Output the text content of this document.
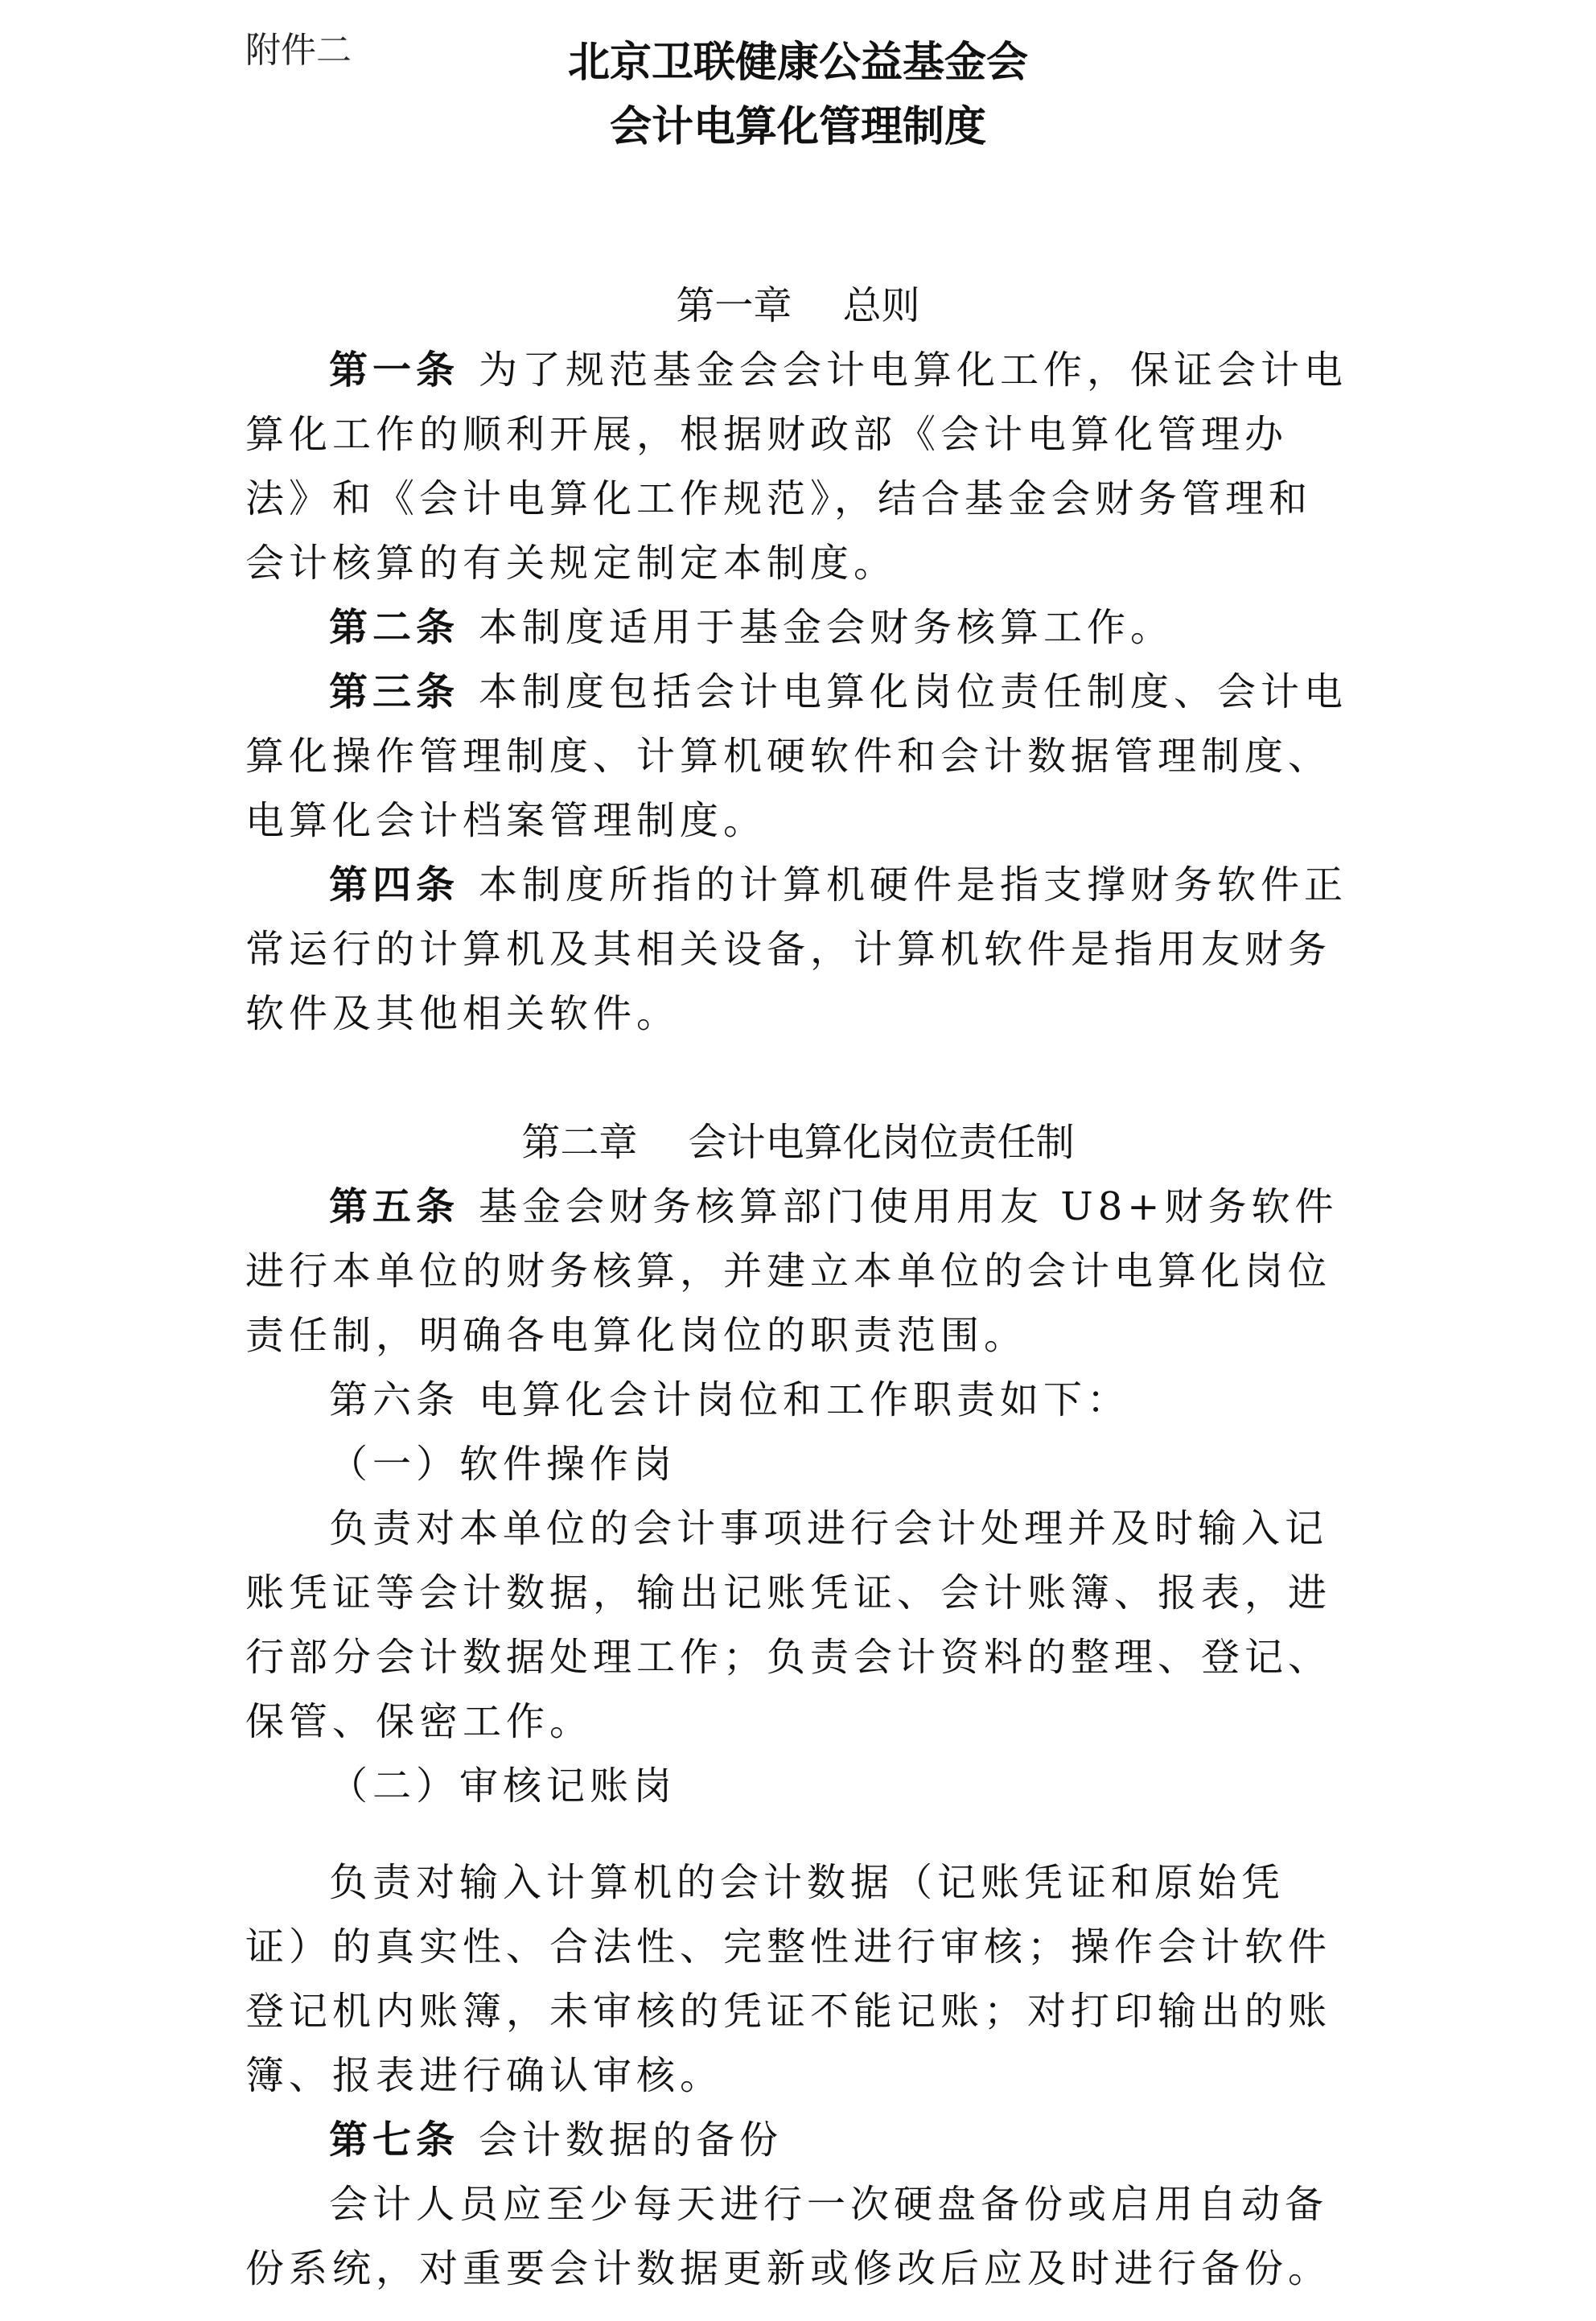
附件二	北京卫联健康公益基金会
会计电算化管理制度
第一章　 总则

第一条 为了规范基金会会计电算化工作，保证会计电算化工作的顺利开展，根据财政部《会计电算化管理办法》和《会计电算化工作规范》，结合基金会财务管理和会计核算的有关规定制定本制度。

第二条 本制度适用于基金会财务核算工作。

第三条 本制度包括会计电算化岗位责任制度、会计电算化操作管理制度、计算机硬软件和会计数据管理制度、电算化会计档案管理制度。

第四条 本制度所指的计算机硬件是指支撑财务软件正常运行的计算机及其相关设备，计算机软件是指用友财务软件及其他相关软件。

第二章　 会计电算化岗位责任制

第五条 基金会财务核算部门使用用友 U8+财务软件进行本单位的财务核算，并建立本单位的会计电算化岗位责任制，明确各电算化岗位的职责范围。

第六条 电算化会计岗位和工作职责如下：

（一）软件操作岗

负责对本单位的会计事项进行会计处理并及时输入记账凭证等会计数据，输出记账凭证、会计账簿、报表，进行部分会计数据处理工作；负责会计资料的整理、登记、保管、保密工作。

（二）审核记账岗

负责对输入计算机的会计数据（记账凭证和原始凭证）的真实性、合法性、完整性进行审核；操作会计软件登记机内账簿，未审核的凭证不能记账；对打印输出的账簿、报表进行确认审核。

第七条 会计数据的备份

会计人员应至少每天进行一次硬盘备份或启用自动备份系统，对重要会计数据更新或修改后应及时进行备份。
